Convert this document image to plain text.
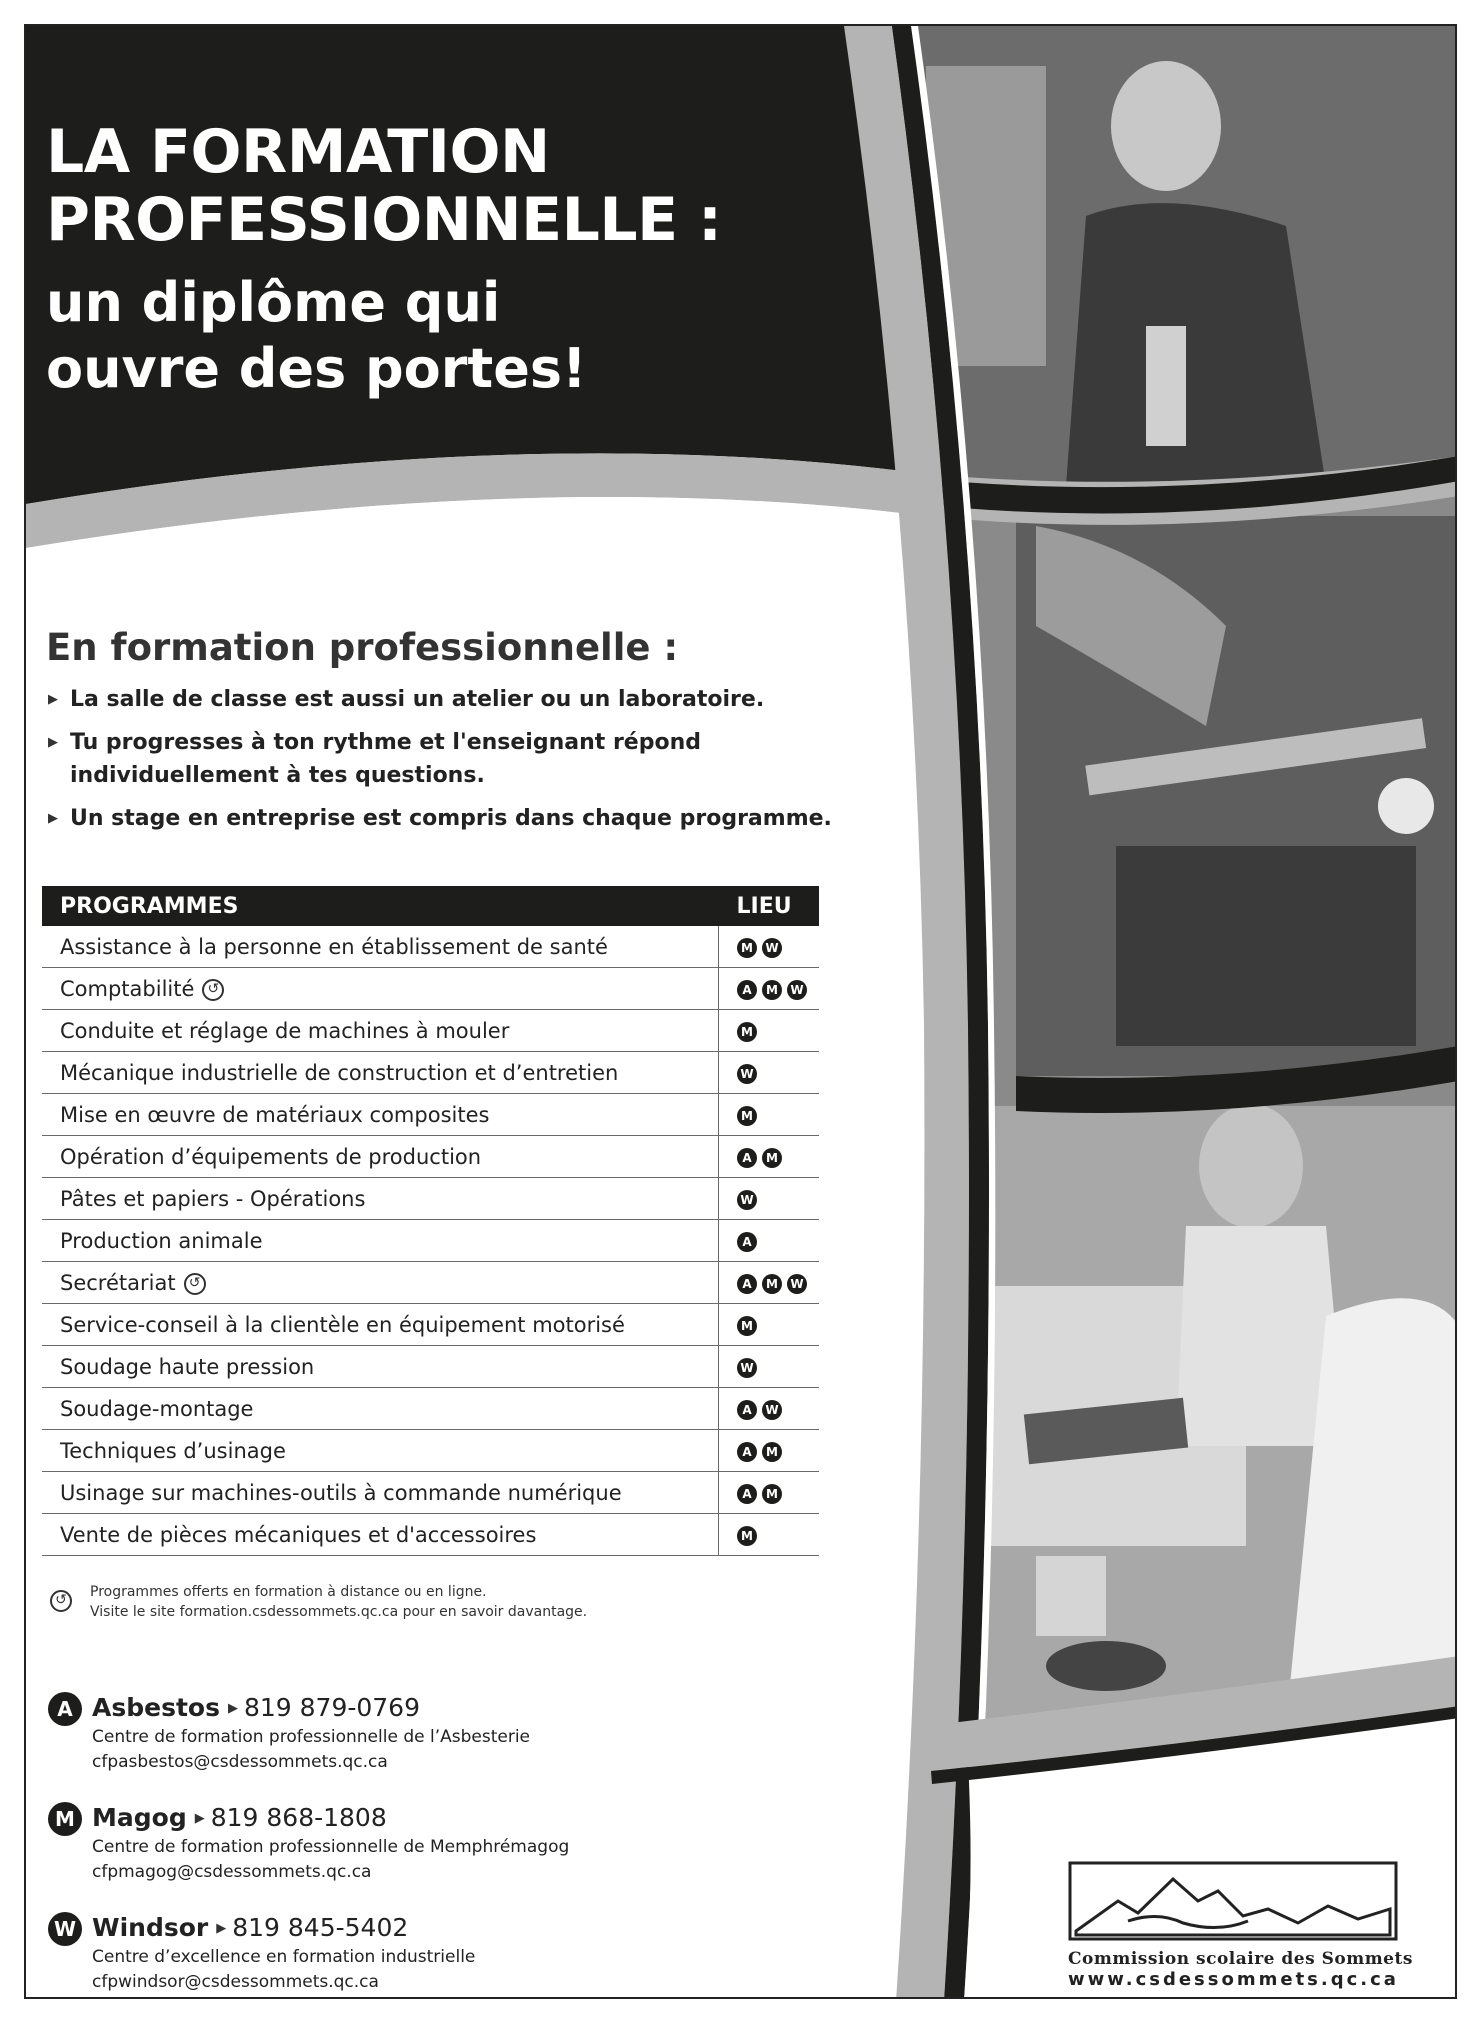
LA FORMATION
PROFESSIONNELLE :
un diplôme qui
ouvre des portes!
En formation professionnelle :
▶ La salle de classe est aussi un atelier ou un laboratoire.
▶ Tu progresses à ton rythme et l'enseignant répond individuellement à tes questions.
▶ Un stage en entreprise est compris dans chaque programme.
PROGRAMMES	LIEU
Assistance à la personne en établissement de santé	M W
Comptabilité ↺	A M W
Conduite et réglage de machines à mouler	M
Mécanique industrielle de construction et d’entretien	W
Mise en œuvre de matériaux composites	M
Opération d’équipements de production	A M
Pâtes et papiers - Opérations	W
Production animale	A
Secrétariat ↺	A M W
Service-conseil à la clientèle en équipement motorisé	M
Soudage haute pression	W
Soudage-montage	A W
Techniques d’usinage	A M
Usinage sur machines-outils à commande numérique	A M
Vente de pièces mécaniques et d'accessoires	M
↺	Programmes offerts en formation à distance ou en ligne.
Visite le site formation.csdessommets.qc.ca pour en savoir davantage.
A Asbestos ▶ 819 879-0769
Centre de formation professionnelle de l’Asbesterie
cfpasbestos@csdessommets.qc.ca
M Magog ▶ 819 868-1808
Centre de formation professionnelle de Memphrémagog
cfpmagog@csdessommets.qc.ca
W Windsor ▶ 819 845-5402
Centre d’excellence en formation industrielle
cfpwindsor@csdessommets.qc.ca
Commission scolaire des Sommets
www.csdessommets.qc.ca
